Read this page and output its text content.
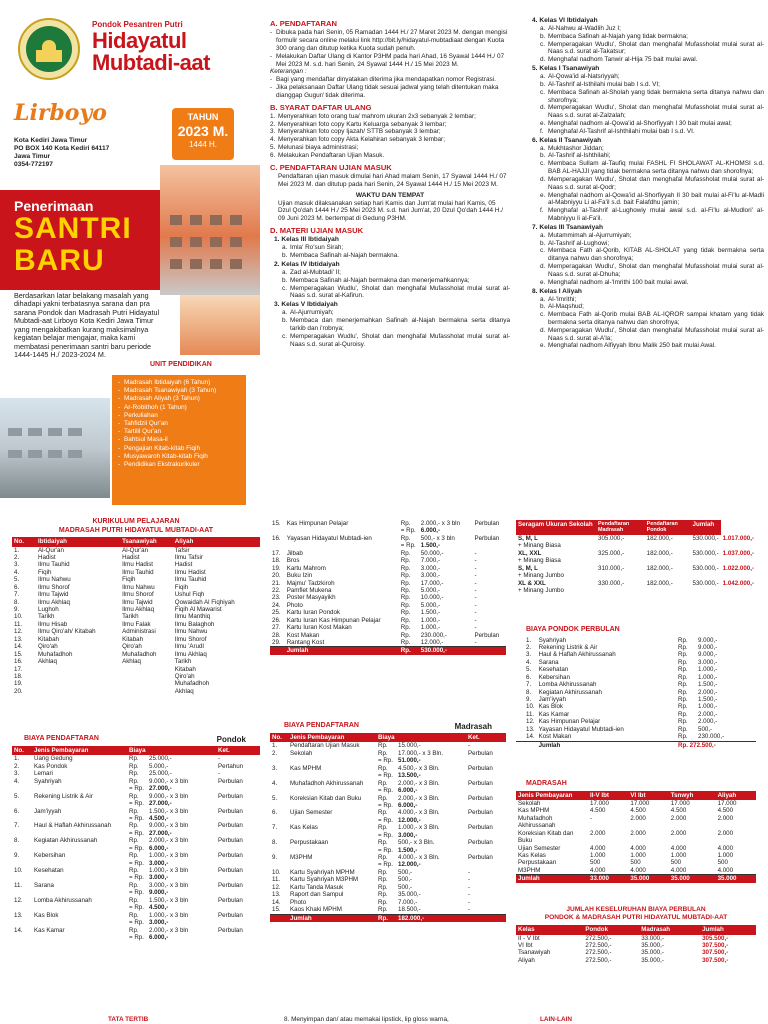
Pondok Pesantren Putri
Hidayatul
Mubtadi-aat
Lirboyo
Kota Kediri Jawa Timur
PO BOX 140 Kota Kediri 64117
Jawa Timur
0354-772197
TAHUN
2023 M.
1444 H.
Penerimaan
SANTRI
BARU
Berdasarkan latar belakang masalah yang dihadapi yakni terbatasnya sarana dan pra sarana Pondok dan Madrasah Putri Hidayatul Mubtadi-aat Lirboyo Kota Kediri Jawa Timur yang mengakibatkan kurang maksimalnya kegiatan belajar mengajar, maka kami membatasi penerimaan santri baru periode 1444-1445 H./ 2023-2024 M.
UNIT PENDIDIKAN
- Madrasah Ibtidaiyah (6 Tahun)
- Madrasah Tsanawiyah (3 Tahun)
- Madrasah Aliyah (3 Tahun)
- Ar-Robithoh (1 Tahun)
- Perkuliahan
- Tahfidzil Qur'an
- Tartilil Qur'an
- Bahtsul Masa-il
- Pengajian Kitab-kitab Fiqih
- Musyawaroh Kitab-kitab Fiqih
- Pendidikan Ekstrakurikuler
A. PENDAFTARAN
- Dibuka pada hari Senin, 05 Ramadan 1444 H./ 27 Maret 2023 M. dengan mengisi formulir secara online melalui link http://bit.ly/hidayatul-mubtadiaat dengan Kuota 300 orang dan ditutup ketika Kuota sudah penuh.
- Melakukan Daftar Ulang di Kantor P3HM pada hari Ahad, 16 Syawal 1444 H./ 07 Mei 2023 M. s.d. hari Senin, 24 Syawal 1444 H./ 15 Mei 2023 M.
Keterangan :
- Bagi yang mendaftar dinyatakan diterima jika mendapatkan nomor Registrasi.
- Jika pelaksanaan Daftar Ulang tidak sesuai jadwal yang telah ditentukan maka dianggap Gugur/ tidak diterima.
B. SYARAT DAFTAR ULANG
1. Menyerahkan foto orang tua/ mahrom ukuran 2x3 sebanyak 2 lembar;
2. Menyerahkan foto copy Kartu Keluarga sebanyak 3 lembar;
3. Menyerahkan foto copy Ijazah/ STTB sebanyak 3 lembar;
4. Menyerahkan foto copy Akta Kelahiran sebanyak 3 lembar;
5. Melunasi biaya administrasi;
6. Melakukan Pendaftaran Ujian Masuk.
C. PENDAFTARAN UJIAN MASUK

Pendaftaran ujian masuk dimulai hari Ahad malam Senin, 17 Syawal 1444 H./ 07 Mei 2023 M. dan ditutup pada hari Senin, 24 Syawal 1444 H./ 15 Mei 2023 M.

WAKTU DAN TEMPAT

Ujian masuk dilaksanakan setiap hari Kamis dan Jum'at mulai hari Kamis, 05 Dzul Qo'dah 1444 H./ 25 Mei 2023 M. s.d. hari Jum'at, 20 Dzul Qo'dah 1444 H./ 09 Juni 2023 M. bertempat di Gedung P3HM.

D. MATERI UJIAN MASUK
1. Kelas III Ibtidaiyah
a. Imla' Ro'sun Sirah;
b. Membaca Safinah al-Najah bermakna.
2. Kelas IV Ibtidaiyah
a. Zad al-Mubtadi' II;
b. Membaca Safinah al-Najah bermakna dan menerjemahkannya;
c. Memperagakan Wudlu', Sholat dan menghafal Mufassholat mulai surat al-Naas s.d. surat al-Kafirun.
3. Kelas V Ibtidaiyah
a. Al-Ajurrumiyah;
b. Membaca dan menerjemahkan Safinah al-Najah bermakna serta ditanya tarkib dan i'robnya;
c. Memperagakan Wudlu', Sholat dan menghafal Mufassholat mulai surat al-Naas s.d. surat al-Quroisy.
4. Kelas VI Ibtidaiyah
a. Al-Nahwu al-Wadlih Juz I;
b. Membaca Safinah al-Najah yang tidak bermakna;
c. Memperagakan Wudlu', Sholat dan menghafal Mufassholat mulai surat al-Naas s.d. surat al-Takatsur;
d. Menghafal nadhom Tanwir al-Hija 75 bait mulai awal.
5. Kelas I Tsanawiyah
a. Al-Qowa'id al-Natsriyyah;
b. Al-Tashrif al-Isthilahi mulai bab I s.d. VI;
c. Membaca Safinah al-Sholah yang tidak bermakna serta ditanya nahwu dan shorofnya;
d. Memperagakan Wudlu', Sholat dan menghafal Mufassholat mulai surat al-Naas s.d. surat al-Zalzalah;
e. Menghafal nadhom al-Qowa'id al-Shorfiyyah I 30 bait mulai awal;
f. Menghafal Al-Tashrif al-Ishthilahi mulai bab I s.d. VI.
6. Kelas II Tsanawiyah
a. Mukhtashor Jiddan;
b. Al-Tashrif al-Ishthilahi;
c. Membaca Sullam al-Taufiq mulai FASHL FI SHOLAWAT AL-KHOMSI s.d. BAB AL-HAJJI yang tidak bermakna serta ditanya nahwu dan shorofnya;
d. Memperagakan Wudlu', Sholat dan menghafal Mufassholat mulai surat al-Naas s.d. surat al-Qodr;
e. Menghafal nadhom al-Qowa'id al-Shorfiyyah II 30 bait mulai al-Fi'lu al-Madli al-Mabniyyu Li al-Fa'il s.d. bait Falafdhu jamin;
f. Menghafal al-Tashrif al-Lughowiy mulai awal s.d. al-Fi'lu al-Mudlori' al-Mabniyyu li al-Fa'il.
7. Kelas III Tsanawiyah
a. Mutammimah al-Ajurrumiyah;
b. Al-Tashrif al-Lughowi;
c. Membaca Fath al-Qorib, KITAB AL-SHOLAT yang tidak bermakna serta ditanya nahwu dan shorofnya;
d. Memperagakan Wudlu', Sholat dan menghafal Mufassholat mulai surat al-Naas s.d. surat al-Dhuha;
e. Menghafal nadhom al-'Imrithi 100 bait mulai awal.
8. Kelas I Aliyah
a. Al-'Imrithi;
b. Al-Maqshud;
c. Membaca Fath al-Qorib mulai BAB AL-IQROR sampai khatam yang tidak bermakna serta ditanya nahwu dan shorofnya;
d. Memperagakan Wudlu', Sholat dan menghafal Mufassholat mulai surat al-Naas s.d. surat al-A'la;
e. Menghafal nadhom Alfiyyah Ibnu Malik 250 bait mulai Awal.
KURIKULUM PELAJARAN
MADRASAH PUTRI HIDAYATUL MUBTADI-AAT
No.	Ibtidaiyah	Tsanawiyah	Aliyah
1.	Al-Qur'an	Al-Qur'an	Tafsir
2.	Hadist	Hadist	Ilmu Tafsir
3.	Ilmu Tauhid	Ilmu Hadist	Hadist
4.	Fiqih	Ilmu Tauhid	Ilmu Hadist
5.	Ilmu Nahwu	Fiqih	Ilmu Tauhid
6.	Ilmu Shorof	Ilmu Nahwu	Fiqih
7.	Ilmu Tajwid	Ilmu Shorof	Ushul Fiqh
8.	Ilmu Akhlaq	Ilmu Tajwid	Qowaidah Al Fiqhiyah
9.	Lughoh	Ilmu Akhlaq	Fiqih Al Mawarist
10.	Tarikh	Tarikh	Ilmu Manthiq
11.	Ilmu Hisab	Ilmu Falak	Ilmu Balaghoh
12.	Ilmu Qiro'ah/ Kitabah	Administrasi	Ilmu Nahwu
13.	Kitabah	Kitabah	Ilmu Shorof
14.	Qiro'ah	Qiro'ah	Ilmu 'Arudl
15.	Muhafadhoh	Muhafadhoh	Ilmu Akhlaq
16.	Akhlaq	Akhlaq	Tarikh
17.			Kitabah
18.			Qiro'ah
19.			Muhafadhoh
20.			Akhlaq
BIAYA PENDAFTARAN	Pondok
No.	Jenis Pembayaran	Biaya	Ket.
1.	Uang Gedung	Rp. 25.000,-	-
2.	Kas Pondok	Rp. 5.000,-	Pertahun
3.	Lemari	Rp. 25.000,-	-
4.	Syahriyah	Rp. 9.000,- x 3 bln
= Rp. 27.000,-	Perbulan
5.	Rekening Listrik & Air	Rp. 9.000,- x 3 bln
= Rp. 27.000,-	Perbulan
6.	Jam'iyyah	Rp. 1.500,- x 3 bln
= Rp. 4.500,-	Perbulan
7.	Haul & Haflah Akhirussanah	Rp. 9.000,- x 3 bln
= Rp. 27.000,-	Perbulan
8.	Kegiatan Akhirussanah	Rp. 2.000,- x 3 bln
= Rp. 6.000,-	Perbulan
9.	Kebersihan	Rp. 1.000,- x 3 bln
= Rp. 3.000,-	Perbulan
10.	Kesehatan	Rp. 1.000,- x 3 bln
= Rp. 3.000,-	Perbulan
11.	Sarana	Rp. 3.000,- x 3 bln
= Rp. 9.000,-	Perbulan
12.	Lomba Akhirussanah	Rp. 1.500,- x 3 bln
= Rp. 4.500,-	Perbulan
13.	Kas Blok	Rp. 1.000,- x 3 bln
= Rp. 3.000,-	Perbulan
14.	Kas Kamar	Rp. 2.000,- x 3 bln
= Rp. 6.000,-	Perbulan
15.	Kas Himpunan Pelajar	Rp. 2.000,- x 3 bln
= Rp. 6.000,-	Perbulan
16.	Yayasan Hidayatul Mubtadi-ien	Rp. 500,- x 3 bln
= Rp. 1.500,-	Perbulan
17.	Jilbab	Rp. 50.000,-	-
18.	Bros	Rp. 7.000,-	-
19.	Kartu Mahrom	Rp. 3.000,-	-
20.	Buku Izin	Rp. 3.000,-	-
21.	Majmu' Tadzkiroh	Rp. 17.000,-	-
22.	Pamflet Mukena	Rp. 5.000,-	-
23.	Poster Masyayikh	Rp. 10.000,-	-
24.	Photo	Rp. 5.000,-	-
25.	Kartu Iuran Pondok	Rp. 1.500,-	-
26.	Kartu Iuran Kas Himpunan Pelajar	Rp. 1.000,-	-
27.	Kartu Iuran Kost Makan	Rp. 1.000,-	-
28.	Kost Makan	Rp. 230.000,-	Perbulan
29.	Rantang Kost	Rp. 12.000,-	-
	Jumlah	Rp. 530.000,-	

BIAYA PENDAFTARAN	Madrasah
No.	Jenis Pembayaran	Biaya	Ket.
1.	Pendaftaran Ujian Masuk	Rp. 15.000,-	-
2.	Sekolah	Rp. 17.000,- x 3 Bln.
= Rp. 51.000,-	Perbulan
3.	Kas MPHM	Rp. 4.500,- x 3 Bln.
= Rp. 13.500,-	Perbulan
4.	Muhafadhoh Akhirussanah	Rp. 2.000,- x 3 Bln.
= Rp. 6.000,-	Perbulan
5.	Koreksian Kitab dan Buku	Rp. 2.000,- x 3 Bln.
= Rp. 6.000,-	Perbulan
6.	Ujian Semester	Rp. 4.000,- x 3 Bln.
= Rp. 12.000,-	Perbulan
7.	Kas Kelas	Rp. 1.000,- x 3 Bln.
= Rp. 3.000,-	Perbulan
8.	Perpustakaan	Rp. 500,- x 3 Bln.
= Rp. 1.500,-	Perbulan
9.	M3PHM	Rp. 4.000,- x 3 Bln.
= Rp. 12.000,-	Perbulan
10.	Kartu Syahriyah MPHM	Rp. 500,-	-
11.	Kartu Syahriyah M3PHM	Rp. 500,-	-
12.	Kartu Tanda Masuk	Rp. 500,-	-
13.	Raport dan Sampul	Rp. 35.000,-	-
14.	Photo	Rp. 7.000,-	-
15.	Kaos Khaki MPHM	Rp. 18.500,-	-
	Jumlah	Rp. 182.000,-	

Seragam Ukuran Sekolah	Pendaftaran Madrasah	Pendaftaran Pondok	Jumlah	

S, M, L
+ Minang Biasa	305.000,-	182.000,-	530.000,-	1.017.000,-

XL, XXL
+ Minang Biasa	325.000,-	182.000,-	530.000,-	1.037.000,-

S, M, L
+ Minang Jumbo	310.000,-	182.000,-	530.000,-	1.022.000,-

XL & XXL
+ Minang Jumbo	330.000,-	182.000,-	530.000,-	1.042.000,-
BIAYA PONDOK PERBULAN
1.	Syahriyah	Rp.	9.000,-
2.	Rekening Listrik & Air	Rp.	9.000,-
3.	Haul & Haflah Akhirussanah	Rp.	9.000,-
4.	Sarana	Rp.	3.000,-
5.	Kesehatan	Rp.	1.000,-
6.	Kebersihan	Rp.	1.000,-
7.	Lomba Akhirussanah	Rp.	1.500,-
8.	Kegiatan Akhirussanah	Rp.	2.000,-
9.	Jam'iyyah	Rp.	1.500,-
10.	Kas Blok	Rp.	1.000,-
11.	Kas Kamar	Rp.	2.000,-
12.	Kas Himpunan Pelajar	Rp.	2.000,-
13.	Yayasan Hidayatul Mubtadi-ien	Rp.	500,-
14.	Kost Makan	Rp.	230.000,-
	Jumlah	Rp. 272.500,-	
MADRASAH
Jenis Pembayaran	II-V Ibt	VI Ibt	Tsnwyh	Aliyah
Sekolah	17.000	17.000	17.000	17.000
Kas MPHM	4.500	4.500	4.500	4.500
Muhafadhoh Akhirussanah	-	2.000	2.000	2.000
Koreksian Kitab dan Buku	2.000	2.000	2.000	2.000
Ujian Semester	4.000	4.000	4.000	4.000
Kas Kelas	1.000	1.000	1.000	1.000
Perpustakaan	500	500	500	500
M3PHM	4.000	4.000	4.000	4.000
Jumlah	33.000	35.000	35.000	35.000
JUMLAH KESELURUHAN BIAYA PERBULAN
PONDOK & MADRASAH PUTRI HIDAYATUL MUBTADI-AAT
Kelas	Pondok	Madrasah	Jumlah
II - V Ibt	272.500,-	33.000,-	305.500,-
VI Ibt	272.500,-	35.000,-	307.500,-
Tsanawiyah	272.500,-	35.000,-	307.500,-
Aliyah	272.500,-	35.000,-	307.500,-
TATA TERTIB	8. Menyimpan dan/ atau memakai lipstick, lip gloss warna,	LAIN-LAIN
